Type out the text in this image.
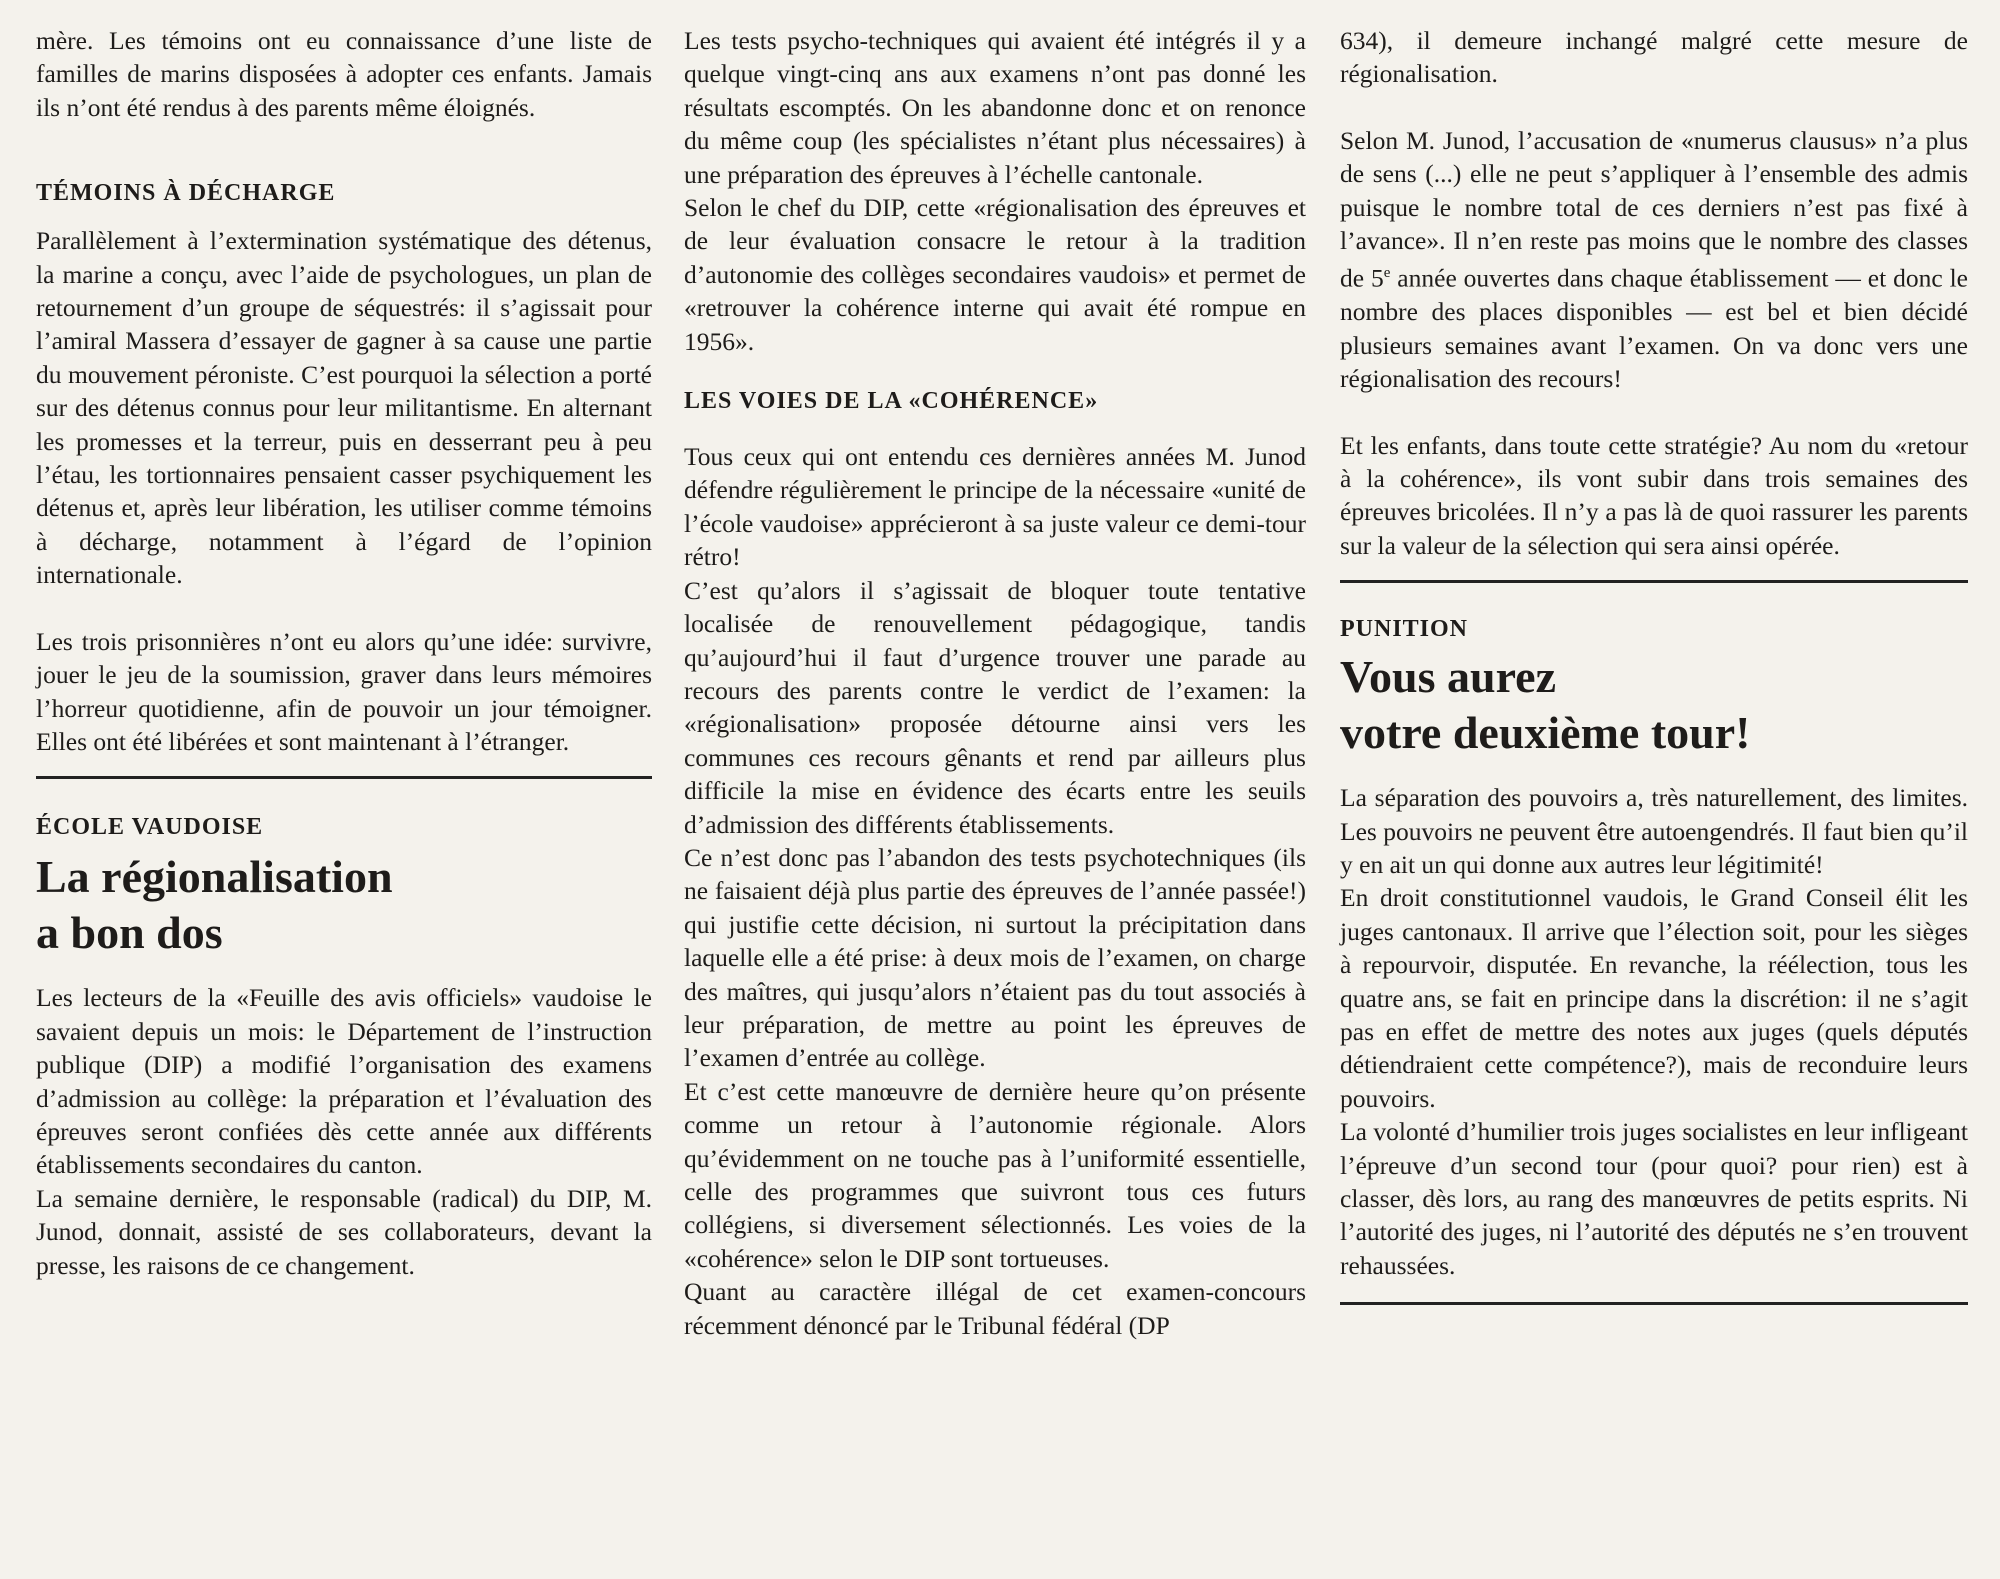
mère. Les témoins ont eu connaissance d’une liste de familles de marins disposées à adopter ces enfants. Jamais ils n’ont été rendus à des parents même éloignés.

TÉMOINS À DÉCHARGE

Parallèlement à l’extermination systématique des détenus, la marine a conçu, avec l’aide de psychologues, un plan de retournement d’un groupe de séquestrés: il s’agissait pour l’amiral Massera d’essayer de gagner à sa cause une partie du mouvement péroniste. C’est pourquoi la sélection a porté sur des détenus connus pour leur militantisme. En alternant les promesses et la terreur, puis en desserrant peu à peu l’étau, les tortionnaires pensaient casser psychiquement les détenus et, après leur libération, les utiliser comme témoins à décharge, notamment à l’égard de l’opinion internationale.

Les trois prisonnières n’ont eu alors qu’une idée: survivre, jouer le jeu de la soumission, graver dans leurs mémoires l’horreur quotidienne, afin de pouvoir un jour témoigner. Elles ont été libérées et sont maintenant à l’étranger.

ÉCOLE VAUDOISE
La régionalisation
a bon dos

Les lecteurs de la «Feuille des avis officiels» vaudoise le savaient depuis un mois: le Département de l’instruction publique (DIP) a modifié l’organisation des examens d’admission au collège: la préparation et l’évaluation des épreuves seront confiées dès cette année aux différents établissements secondaires du canton.

La semaine dernière, le responsable (radical) du DIP, M. Junod, donnait, assisté de ses collaborateurs, devant la presse, les raisons de ce changement.

Les tests psycho-techniques qui avaient été intégrés il y a quelque vingt-cinq ans aux examens n’ont pas donné les résultats escomptés. On les abandonne donc et on renonce du même coup (les spécialistes n’étant plus nécessaires) à une préparation des épreuves à l’échelle cantonale.

Selon le chef du DIP, cette «régionalisation des épreuves et de leur évaluation consacre le retour à la tradition d’autonomie des collèges secondaires vaudois» et permet de «retrouver la cohérence interne qui avait été rompue en 1956».

LES VOIES DE LA «COHÉRENCE»

Tous ceux qui ont entendu ces dernières années M. Junod défendre régulièrement le principe de la nécessaire «unité de l’école vaudoise» apprécieront à sa juste valeur ce demi-tour rétro!

C’est qu’alors il s’agissait de bloquer toute tentative localisée de renouvellement pédagogique, tandis qu’aujourd’hui il faut d’urgence trouver une parade au recours des parents contre le verdict de l’examen: la «régionalisation» proposée détourne ainsi vers les communes ces recours gênants et rend par ailleurs plus difficile la mise en évidence des écarts entre les seuils d’admission des différents établissements.

Ce n’est donc pas l’abandon des tests psychotechniques (ils ne faisaient déjà plus partie des épreuves de l’année passée!) qui justifie cette décision, ni surtout la précipitation dans laquelle elle a été prise: à deux mois de l’examen, on charge des maîtres, qui jusqu’alors n’étaient pas du tout associés à leur préparation, de mettre au point les épreuves de l’examen d’entrée au collège.

Et c’est cette manœuvre de dernière heure qu’on présente comme un retour à l’autonomie régionale. Alors qu’évidemment on ne touche pas à l’uniformité essentielle, celle des programmes que suivront tous ces futurs collégiens, si diversement sélectionnés. Les voies de la «cohérence» selon le DIP sont tortueuses.

Quant au caractère illégal de cet examen-concours récemment dénoncé par le Tribunal fédéral (DP

634), il demeure inchangé malgré cette mesure de régionalisation.

Selon M. Junod, l’accusation de «numerus clausus» n’a plus de sens (...) elle ne peut s’appliquer à l’ensemble des admis puisque le nombre total de ces derniers n’est pas fixé à l’avance». Il n’en reste pas moins que le nombre des classes de 5e année ouvertes dans chaque établissement — et donc le nombre des places disponibles — est bel et bien décidé plusieurs semaines avant l’examen. On va donc vers une régionalisation des recours!

Et les enfants, dans toute cette stratégie? Au nom du «retour à la cohérence», ils vont subir dans trois semaines des épreuves bricolées. Il n’y a pas là de quoi rassurer les parents sur la valeur de la sélection qui sera ainsi opérée.

PUNITION
Vous aurez
votre deuxième tour!

La séparation des pouvoirs a, très naturellement, des limites. Les pouvoirs ne peuvent être autoengendrés. Il faut bien qu’il y en ait un qui donne aux autres leur légitimité!

En droit constitutionnel vaudois, le Grand Conseil élit les juges cantonaux. Il arrive que l’élection soit, pour les sièges à repourvoir, disputée. En revanche, la réélection, tous les quatre ans, se fait en principe dans la discrétion: il ne s’agit pas en effet de mettre des notes aux juges (quels députés détiendraient cette compétence?), mais de reconduire leurs pouvoirs.

La volonté d’humilier trois juges socialistes en leur infligeant l’épreuve d’un second tour (pour quoi? pour rien) est à classer, dès lors, au rang des manœuvres de petits esprits. Ni l’autorité des juges, ni l’autorité des députés ne s’en trouvent rehaussées.
